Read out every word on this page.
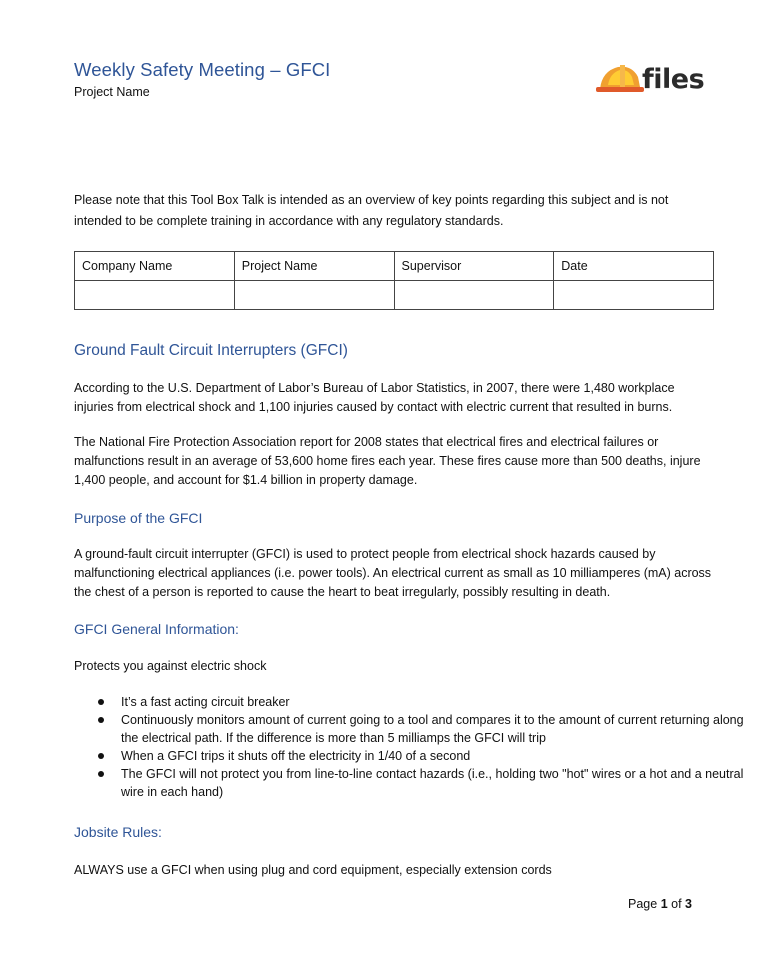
Weekly Safety Meeting – GFCI
Project Name	files

Please note that this Tool Box Talk is intended as an overview of key points regarding this subject and is not intended to be complete training in accordance with any regulatory standards.

Company Name	Project Name	Supervisor	Date

Ground Fault Circuit Interrupters (GFCI)

According to the U.S. Department of Labor’s Bureau of Labor Statistics, in 2007, there were 1,480 workplace injuries from electrical shock and 1,100 injuries caused by contact with electric current that resulted in burns.

The National Fire Protection Association report for 2008 states that electrical fires and electrical failures or malfunctions result in an average of 53,600 home fires each year. These fires cause more than 500 deaths, injure 1,400 people, and account for $1.4 billion in property damage.

Purpose of the GFCI

A ground-fault circuit interrupter (GFCI) is used to protect people from electrical shock hazards caused by malfunctioning electrical appliances (i.e. power tools). An electrical current as small as 10 milliamperes (mA) across the chest of a person is reported to cause the heart to beat irregularly, possibly resulting in death.

GFCI General Information:

Protects you against electric shock

It’s a fast acting circuit breaker
Continuously monitors amount of current going to a tool and compares it to the amount of current returning along the electrical path. If the difference is more than 5 milliamps the GFCI will trip
When a GFCI trips it shuts off the electricity in 1/40 of a second
The GFCI will not protect you from line-to-line contact hazards (i.e., holding two "hot" wires or a hot and a neutral wire in each hand)
Jobsite Rules:

ALWAYS use a GFCI when using plug and cord equipment, especially extension cords

Page 1 of 3
